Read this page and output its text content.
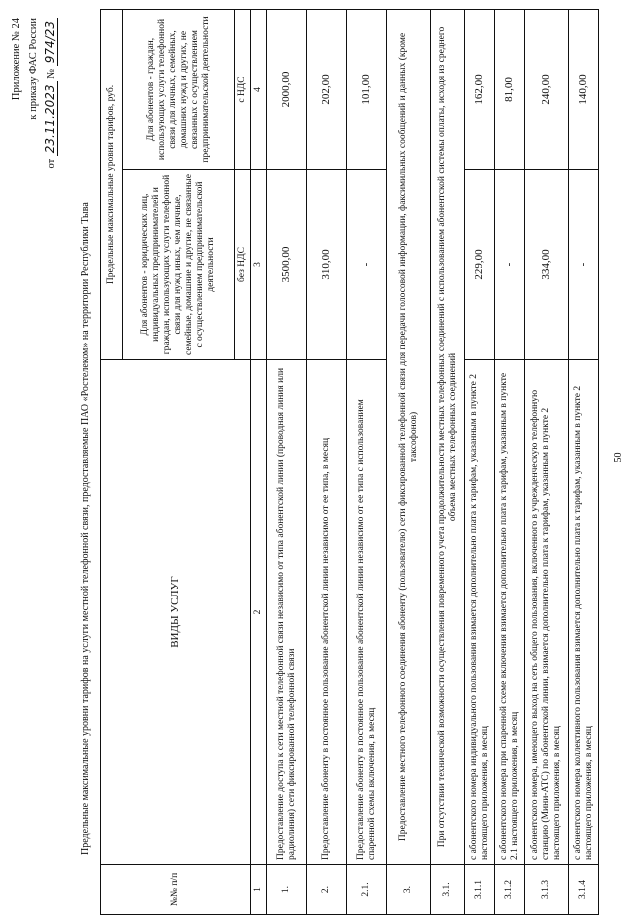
50
Приложение № 24 к приказу ФАС России
от 23.11.2023 № 974/23
Предельные максимальные уровни тарифов на услуги местной телефонной связи, предоставляемые ПАО «Ростелеком» на территории Республики Тыва
№№ п/п	ВИДЫ УСЛУГ	Предельные максимальные уровни тарифов, руб.	
		Для абонентов - юридических лиц, индивидуальных предпринимателей и граждан, использующих услуги телефонной связи для нужд иных, чем личные, семейные, домашние и другие, не связанные с осуществлением предпринимательской деятельности	Для абонентов - граждан, использующих услуги телефонной связи для личных, семейных, домашних нужд и других, не связанных с осуществлением предпринимательской деятельности
		без НДС	с НДС
1	2	3	4
1.	Предоставление доступа к сети местной телефонной связи независимо от типа абонентской линии (проводная линия или радиолиния) сети фиксированной телефонной связи	3500,00	2000,00
2.	Предоставление абоненту в постоянное пользование абонентской линии независимо от ее типа, в месяц	310,00	202,00
2.1.	Предоставление абоненту в постоянное пользование абонентской линии независимо от ее типа с использованием спаренной схемы включения, в месяц	-	101,00
3.	Предоставление местного телефонного соединения абоненту (пользователю) сети фиксированной телефонной связи для передачи голосовой информации, факсимильных сообщений и данных (кроме таксофонов)		
3.1.	При отсутствии технической возможности осуществления повременного учета продолжительности местных телефонных соединений с использованием абонентской системы оплаты, исходя из среднего объема местных телефонных соединений		
3.1.1	с абонентского номера индивидуального пользования взимается дополнительно плата к тарифам, указанным в пункте 2 настоящего приложения, в месяц	229,00	162,00
3.1.2	с абонентского номера при спаренной схеме включения взимается дополнительно плата к тарифам, указанным в пункте 2.1 настоящего приложения, в месяц	-	81,00
3.1.3	с абонентского номера, имеющего выход на сеть общего пользования, включенного в учрежденческую телефонную станцию (Мини-АТС) по абонентской линии, взимается дополнительно плата к тарифам, указанным в пункте 2 настоящего приложения, в месяц	334,00	240,00
3.1.4	с абонентского номера коллективного пользования взимается дополнительно плата к тарифам, указанным в пункте 2 настоящего приложения, в месяц	-	140,00
